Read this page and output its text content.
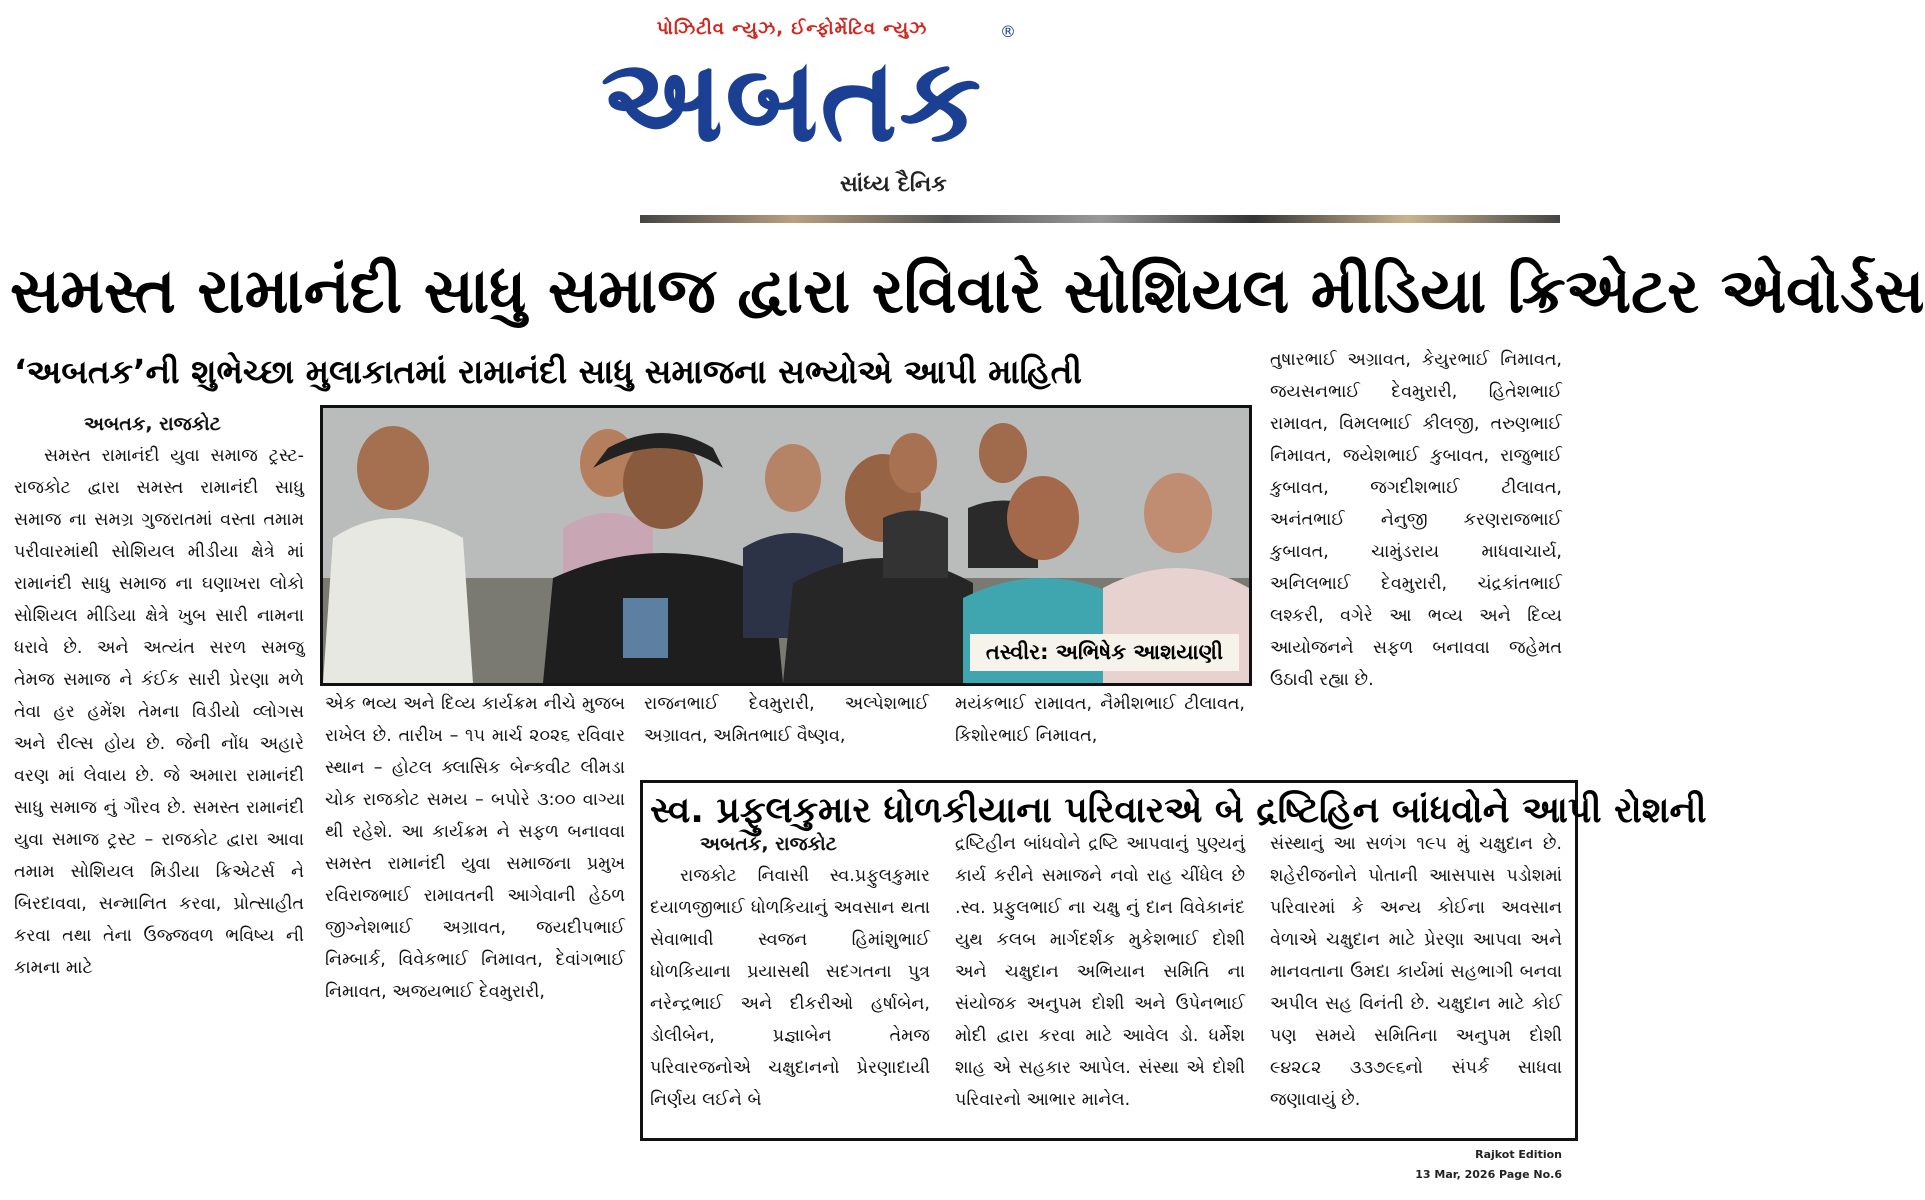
પોઝિટીવ ન્યુઝ, ઈન્ફોર્મેટિવ ન્યુઝ
અબતક
®
સાંધ્ય દૈનિક
સમસ્ત રામાનંદી સાધુ સમાજ દ્વારા રવિવારે સોશિયલ મીડિયા ક્રિએટર એવોર્ડસ
‘અબતક’ની શુભેચ્છા મુલાકાતમાં રામાનંદી સાધુ સમાજના સભ્યોએ આપી માહિતી

અબતક, રાજકોટ

સમસ્ત રામાનંદી યુવા સમાજ ટ્રસ્ટ-રાજકોટ દ્વારા સમસ્ત રામાનંદી સાધુ સમાજ ના સમગ્ર ગુજરાતમાં વસ્તા તમામ પરીવારમાંથી સોશિયલ મીડીયા ક્ષેત્રે માં રામાનંદી સાધુ સમાજ ના ઘણાખરા લોકો સોશિયલ મીડિયા ક્ષેત્રે ખુબ સારી નામના ધરાવે છે. અને અત્યંત સરળ સમજુ તેમજ સમાજ ને કંઈક સારી પ્રેરણા મળે તેવા હર હમેંશ તેમના વિડીયો વ્લોગસ અને રીલ્સ હોય છે. જેની નોંધ અહારે વરણ માં લેવાય છે. જે અમારા રામાનંદી સાધુ સમાજ નું ગૌરવ છે. સમસ્ત રામાનંદી યુવા સમાજ ટ્રસ્ટ – રાજકોટ દ્વારા આવા તમામ સોશિયલ મિડીયા ક્રિએટર્સ ને બિરદાવવા, સન્માનિત કરવા, પ્રોત્સાહીત કરવા તથા તેના ઉજ્જવળ ભવિષ્ય ની કામના માટે

તસ્વીર: અભિષેક આશયાણી

એક ભવ્ય અને દિવ્ય કાર્યક્રમ નીચે મુજબ રાખેલ છે. તારીખ – ૧૫ માર્ચ ૨૦૨૬ રવિવાર સ્થાન – હોટલ ક્લાસિક બેન્કવીટ લીમડા ચોક રાજકોટ સમય – બપોરે ૩:૦૦ વાગ્યા થી રહેશે. આ કાર્યક્રમ ને સફળ બનાવવા સમસ્ત રામાનંદી યુવા સમાજના પ્રમુખ રવિરાજભાઈ રામાવતની આગેવાની હેઠળ જીગ્નેશભાઈ અગ્રાવત, જયદીપભાઈ નિમ્બાર્ક, વિવેકભાઈ નિમાવત, દેવાંગભાઈ નિમાવત, અજયભાઈ દેવમુરારી,

રાજનભાઈ દેવમુરારી, અલ્પેશભાઈ અગ્રાવત, અમિતભાઈ વૈષ્ણવ,

મયંકભાઈ રામાવત, નૈમીશભાઈ ટીલાવત, કિશોરભાઈ નિમાવત,

તુષારભાઈ અગ્રાવત, કેયુરભાઈ નિમાવત, જયસનભાઈ દેવમુરારી, હિતેશભાઈ રામાવત, વિમલભાઈ કીલજી, તરુણભાઈ નિમાવત, જયેશભાઈ કુબાવત, રાજુભાઈ કુબાવત, જગદીશભાઈ ટીલાવત, અનંતભાઈ નેનુજી કરણરાજભાઈ કુબાવત, ચામુંડરાય માધવાચાર્ય, અનિલભાઈ દેવમુરારી, ચંદ્રકાંતભાઈ લશ્કરી, વગેરે આ ભવ્ય અને દિવ્ય આયોજનને સફળ બનાવવા જહેમત ઉઠાવી રહ્યા છે.

સ્વ. પ્રફુલકુમાર ધોળકીયાના પરિવારએ બે દ્રષ્ટિહિન બાંધવોને આપી રોશની

અબતક, રાજકોટ

રાજકોટ નિવાસી સ્વ.પ્રફુલકુમાર દયાળજીભાઈ ધોળકિયાનું અવસાન થતા સેવાભાવી સ્વજન હિમાંશુભાઈ ધોળકિયાના પ્રયાસથી સદગતના પુત્ર નરેન્દ્રભાઈ અને દીકરીઓ હર્ષાબેન, ડોલીબેન, પ્રજ્ઞાબેન તેમજ પરિવારજનોએ ચક્ષુદાનનો પ્રેરણાદાયી નિર્ણય લઈને બે

દ્રષ્ટિહીન બાંધવોને દ્રષ્ટિ આપવાનું પુણ્યનું કાર્ય કરીને સમાજને નવો રાહ ચીંધેલ છે .સ્વ. પ્રફુલભાઈ ના ચક્ષુ નું દાન વિવેકાનંદ યુથ કલબ માર્ગદર્શક મુકેશભાઈ દોશી અને ચક્ષુદાન અભિયાન સમિતિ ના સંયોજક અનુપમ દોશી અને ઉપેનભાઈ મોદી દ્વારા કરવા માટે આવેલ ડો. ધર્મેશ શાહ એ સહકાર આપેલ. સંસ્થા એ દોશી પરિવારનો આભાર માનેલ.

સંસ્થાનું આ સળંગ ૧૯૫ મું ચક્ષુદાન છે. શહેરીજનોને પોતાની આસપાસ પડોશમાં પરિવારમાં કે અન્ય કોઈના અવસાન વેળાએ ચક્ષુદાન માટે પ્રેરણા આપવા અને માનવતાના ઉમદા કાર્યમાં સહભાગી બનવા અપીલ સહ વિનંતી છે. ચક્ષુદાન માટે કોઈ પણ સમયે સમિતિના અનુપમ દોશી ૯૪૨૮૨ ૩૩૭૯૬નો સંપર્ક સાધવા જણાવાયું છે.

Rajkot Edition
13 Mar, 2026 Page No.6
